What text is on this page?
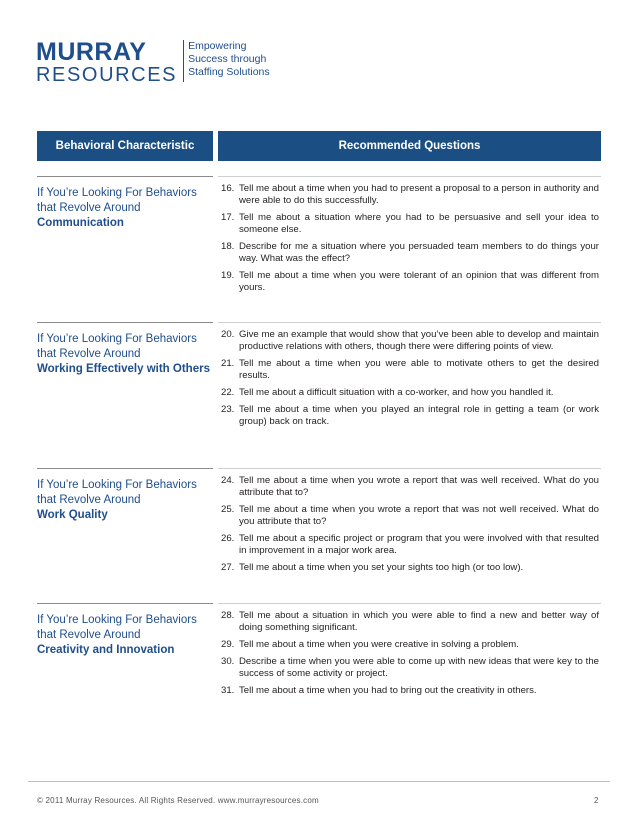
MURRAY
RESOURCES
Empowering
Success through
Staffing Solutions
Behavioral Characteristic	Recommended Questions
If You’re Looking For Behaviors
that Revolve Around
Communication
16. Tell me about a time when you had to present a proposal to a person in authority and were able to do this successfully.
17. Tell me about a situation where you had to be persuasive and sell your idea to someone else.
18. Describe for me a situation where you persuaded team members to do things your way. What was the effect?
19. Tell me about a time when you were tolerant of an opinion that was different from yours.
If You’re Looking For Behaviors
that Revolve Around
Working Effectively with Others
20. Give me an example that would show that you’ve been able to develop and maintain productive relations with others, though there were differing points of view.
21. Tell me about a time when you were able to motivate others to get the desired results.
22. Tell me about a difficult situation with a co-worker, and how you handled it.
23. Tell me about a time when you played an integral role in getting a team (or work group) back on track.
If You’re Looking For Behaviors
that Revolve Around
Work Quality
24. Tell me about a time when you wrote a report that was well received. What do you attribute that to?
25. Tell me about a time when you wrote a report that was not well received. What do you attribute that to?
26. Tell me about a specific project or program that you were involved with that resulted in improvement in a major work area.
27. Tell me about a time when you set your sights too high (or too low).
If You’re Looking For Behaviors
that Revolve Around
Creativity and Innovation
28. Tell me about a situation in which you were able to find a new and better way of doing something significant.
29. Tell me about a time when you were creative in solving a problem.
30. Describe a time when you were able to come up with new ideas that were key to the success of some activity or project.
31. Tell me about a time when you had to bring out the creativity in others.
© 2011 Murray Resources. All Rights Reserved. www.murrayresources.com	2
